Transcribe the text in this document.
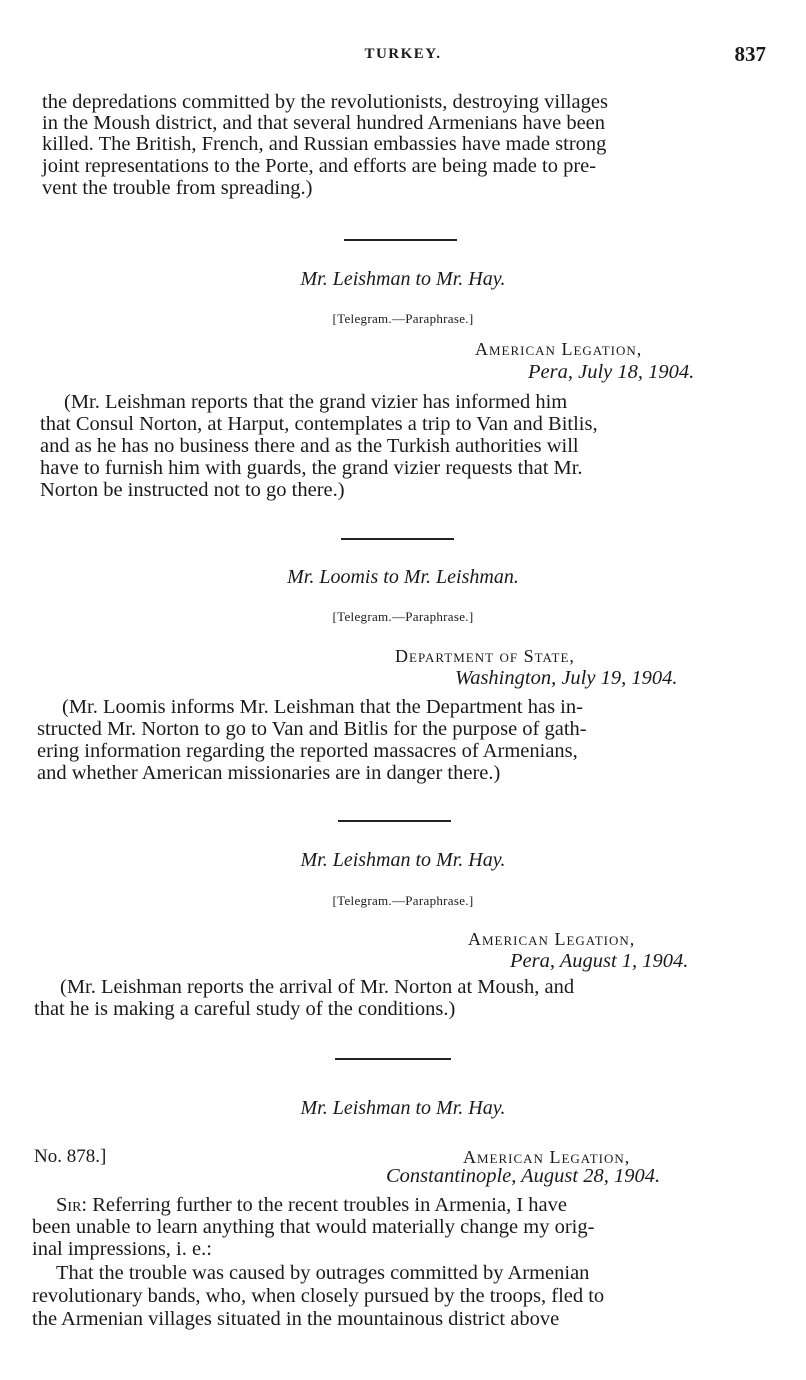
TURKEY.	837

the depredations committed by the revolutionists, destroying villages

in the Moush district, and that several hundred Armenians have been

killed. The British, French, and Russian embassies have made strong

joint representations to the Porte, and efforts are being made to pre-

vent the trouble from spreading.)

Mr. Leishman to Mr. Hay.
[Telegram.—Paraphrase.]
American Legation,
Pera, July 18, 1904.

(Mr. Leishman reports that the grand vizier has informed him

that Consul Norton, at Harput, contemplates a trip to Van and Bitlis,

and as he has no business there and as the Turkish authorities will

have to furnish him with guards, the grand vizier requests that Mr.

Norton be instructed not to go there.)

Mr. Loomis to Mr. Leishman.
[Telegram.—Paraphrase.]
Department of State,
Washington, July 19, 1904.

(Mr. Loomis informs Mr. Leishman that the Department has in-

structed Mr. Norton to go to Van and Bitlis for the purpose of gath-

ering information regarding the reported massacres of Armenians,

and whether American missionaries are in danger there.)

Mr. Leishman to Mr. Hay.
[Telegram.—Paraphrase.]
American Legation,
Pera, August 1, 1904.

(Mr. Leishman reports the arrival of Mr. Norton at Moush, and

that he is making a careful study of the conditions.)

Mr. Leishman to Mr. Hay.
No. 878.]	American Legation,
Constantinople, August 28, 1904.

Sir: Referring further to the recent troubles in Armenia, I have

been unable to learn anything that would materially change my orig-

inal impressions, i. e.:

That the trouble was caused by outrages committed by Armenian

revolutionary bands, who, when closely pursued by the troops, fled to

the Armenian villages situated in the mountainous district above
